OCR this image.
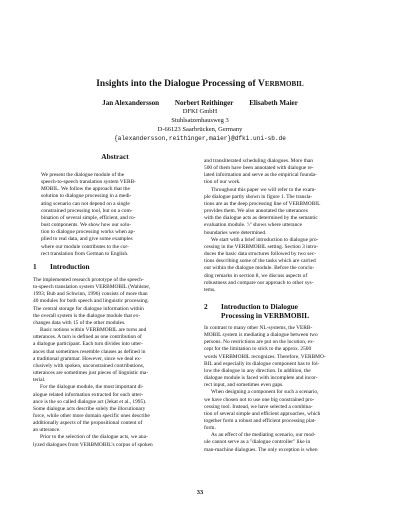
Insights into the Dialogue Processing of Verbmobil
Jan Alexandersson Norbert Reithinger Elisabeth Maier
DFKI GmbH
Stuhlsatzenhausweg 3
D-66123 Saarbrücken, Germany
{alexandersson,reithinger,maier}@dfki.uni-sb.de
Abstract
We present the dialogue module of the
speech-to-speech translation system VERB-
MOBIL. We follow the approach that the
solution to dialogue processing in a medi-
ating scenario can not depend on a single
constrained processing tool, but on a com-
bination of several simple, efficient, and ro-
bust components. We show how our solu-
tion to dialogue processing works when ap-
plied to real data, and give some examples
where our module contributes to the cor-
rect translation from German to English.
1 Introduction
The implemented research prototype of the speech-
to-speech translation system VERBMOBIL (Wahlster,
1993; Bub and Schwinn, 1996) consists of more than
40 modules for both speech and linguistic processing.
The central storage for dialogue information within
the overall system is the dialogue module that ex-
changes data with 15 of the other modules.
Basic notions within VERBMOBIL are turns and
utterances. A turn is defined as one contribution of
a dialogue participant. Each turn divides into utter-
ances that sometimes resemble clauses as defined in
a traditional grammar. However, since we deal ex-
clusively with spoken, unconstrained contributions,
utterances are sometimes just pieces of linguistic ma-
terial.
For the dialogue module, the most important di-
alogue related information extracted for each utter-
ance is the so called dialogue act (Jekat et al., 1995).
Some dialogue acts describe solely the illocutionary
force, while other more domain specific ones describe
additionally aspects of the propositional content of
an utterance.
Prior to the selection of the dialogue acts, we ana-
lyzed dialogues from VERBMOBIL's corpus of spoken
and transliterated scheduling dialogues. More than
500 of them have been annotated with dialogue re-
lated information and serve as the empirical founda-
tion of our work.
Throughout this paper we will refer to the exam-
ple dialogue partly shown in figure 1. The transla-
tions are as the deep processing line of VERBMOBIL
provides them. We also annotated the utterances
with the dialogue acts as determined by the semantic
evaluation module. '//' shows where utterance
boundaries were determined.
We start with a brief introduction to dialogue pro-
cessing in the VERBMOBIL setting. Section 3 intro-
duces the basic data structures followed by two sec-
tions describing some of the tasks which are carried
out within the dialogue module. Before the conclu-
ding remarks in section 8, we discuss aspects of
robustness and compare our approach to other sys-
tems.
2 Introduction to Dialogue
Processing in VERBMOBIL
In contrast to many other NL-systems, the VERB-
MOBIL system is mediating a dialogue between two
persons. No restrictions are put on the locution, ex-
cept for the limitation to stick to the approx. 2500
words VERBMOBIL recognizes. Therefore, VERBMO-
BIL and especially its dialogue component has to fol-
low the dialogue in any direction. In addition, the
dialogue module is faced with incomplete and incor-
rect input, and sometimes even gaps.
When designing a component for such a scenario,
we have chosen not to use one big constrained pro-
cessing tool. Instead, we have selected a combina-
tion of several simple and efficient approaches, which
together form a robust and efficient processing plat-
form.
As an effect of the mediating scenario, our mod-
ule cannot serve as a "dialogue controller" like in
man-machine dialogues. The only exception is when
33
